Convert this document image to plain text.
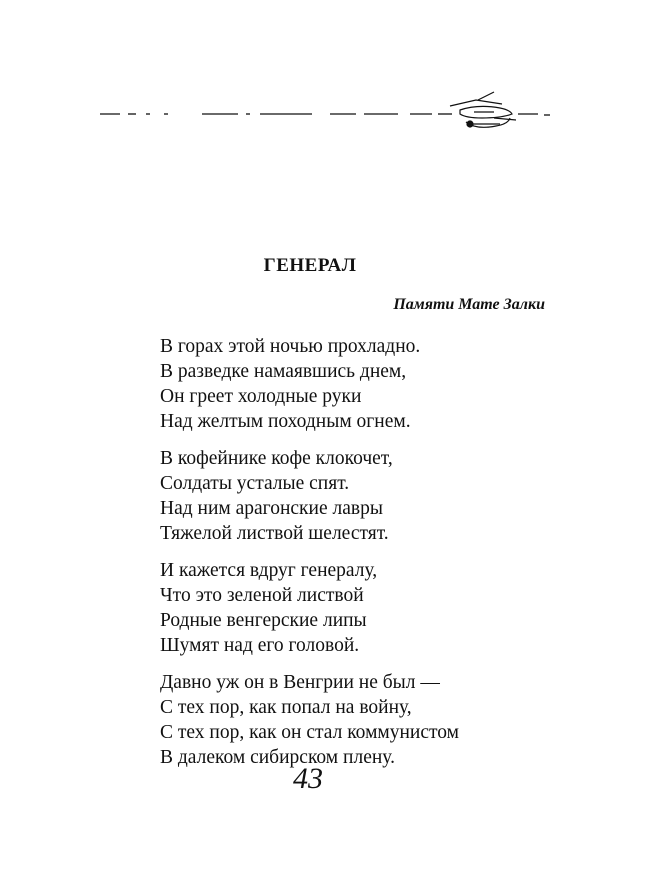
ГЕНЕРАЛ
Памяти Мате Залки
В горах этой ночью прохладно.
В разведке намаявшись днем,
Он греет холодные руки
Над желтым походным огнем.
В кофейнике кофе клокочет,
Солдаты усталые спят.
Над ним арагонские лавры
Тяжелой листвой шелестят.
И кажется вдруг генералу,
Что это зеленой листвой
Родные венгерские липы
Шумят над его головой.
Давно уж он в Венгрии не был —
С тех пор, как попал на войну,
С тех пор, как он стал коммунистом
В далеком сибирском плену.
43
